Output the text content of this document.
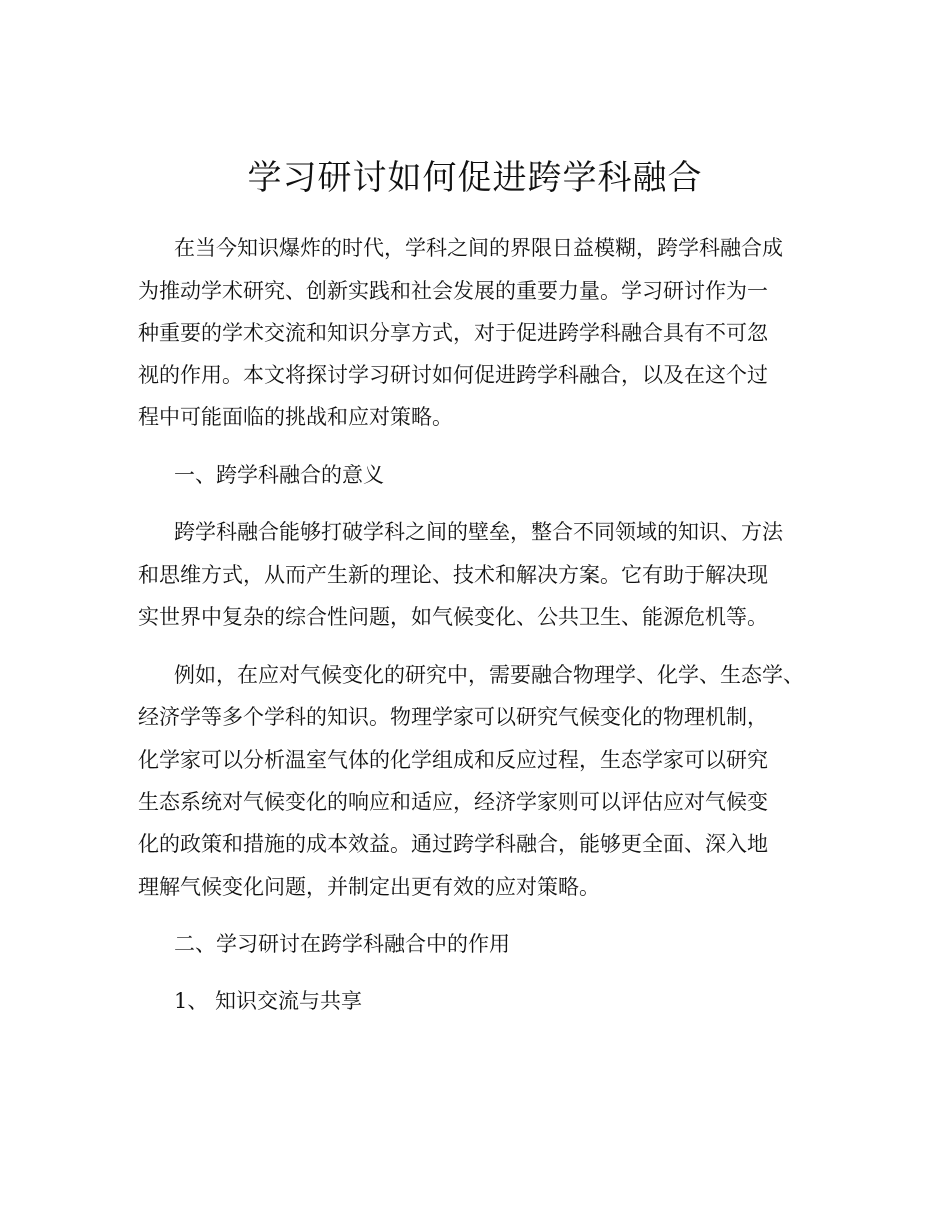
学习研讨如何促进跨学科融合
在当今知识爆炸的时代，学科之间的界限日益模糊，跨学科融合成
为推动学术研究、创新实践和社会发展的重要力量。学习研讨作为一
种重要的学术交流和知识分享方式，对于促进跨学科融合具有不可忽
视的作用。本文将探讨学习研讨如何促进跨学科融合，以及在这个过
程中可能面临的挑战和应对策略。
一、跨学科融合的意义
跨学科融合能够打破学科之间的壁垒，整合不同领域的知识、方法
和思维方式，从而产生新的理论、技术和解决方案。它有助于解决现
实世界中复杂的综合性问题，如气候变化、公共卫生、能源危机等。
例如，在应对气候变化的研究中，需要融合物理学、化学、生态学、
经济学等多个学科的知识。物理学家可以研究气候变化的物理机制，
化学家可以分析温室气体的化学组成和反应过程，生态学家可以研究
生态系统对气候变化的响应和适应，经济学家则可以评估应对气候变
化的政策和措施的成本效益。通过跨学科融合，能够更全面、深入地
理解气候变化问题，并制定出更有效的应对策略。
二、学习研讨在跨学科融合中的作用
1、 知识交流与共享
